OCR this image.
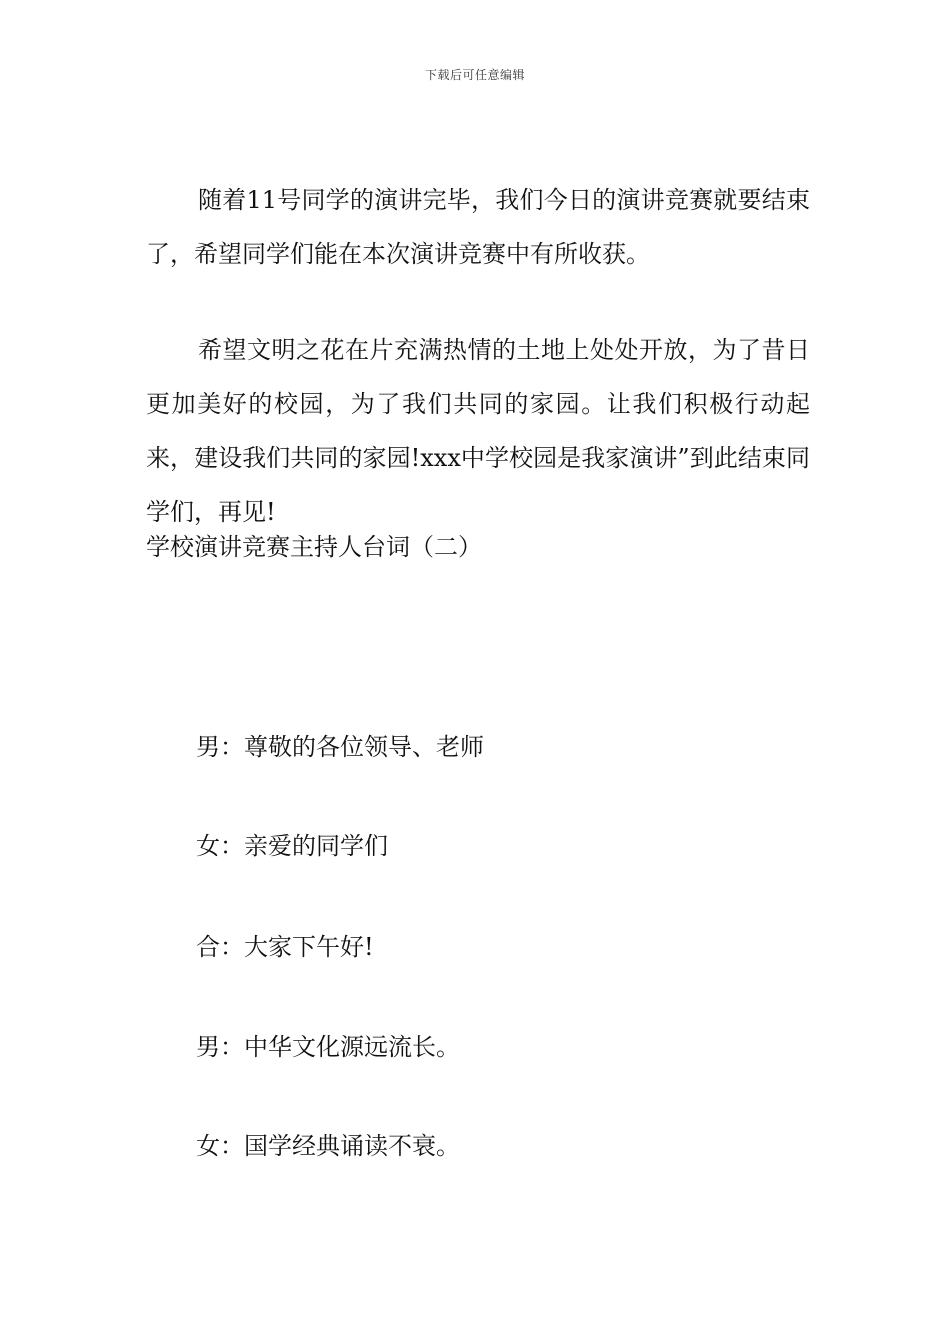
下载后可任意编辑

随着11号同学的演讲完毕，我们今日的演讲竞赛就要结束了，希望同学们能在本次演讲竞赛中有所收获。

希望文明之花在片充满热情的土地上处处开放，为了昔日更加美好的校园，为了我们共同的家园。让我们积极行动起来，建设我们共同的家园!xxx中学校园是我家演讲”到此结束同学们，再见!

学校演讲竞赛主持人台词（二）
男：尊敬的各位领导、老师
女：亲爱的同学们
合：大家下午好!
男：中华文化源远流长。
女：国学经典诵读不衰。
